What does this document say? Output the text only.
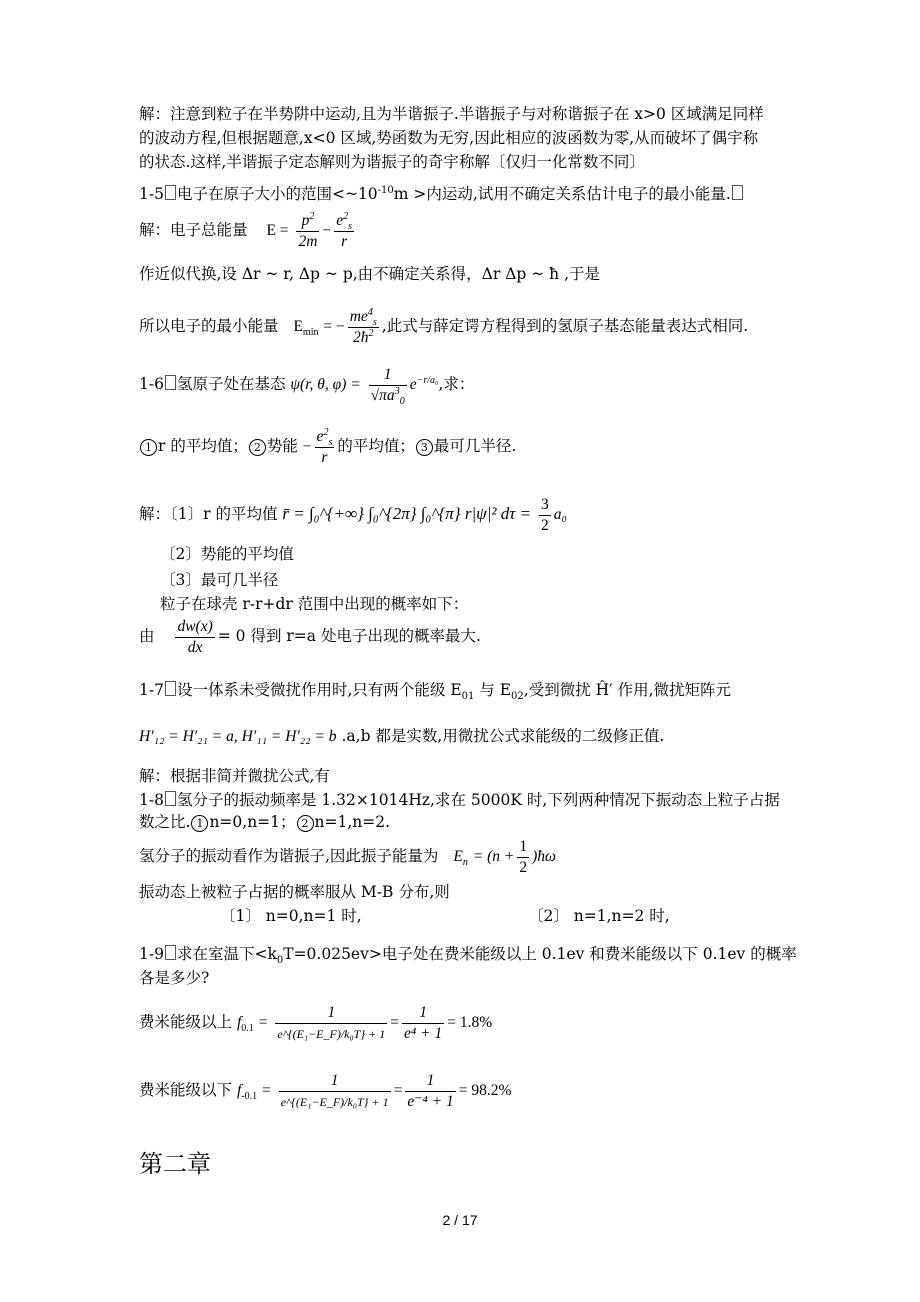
解：注意到粒子在半势阱中运动,且为半谐振子.半谐振子与对称谐振子在 x>0 区域满足同样
的波动方程,但根据题意,x<0 区域,势函数为无穷,因此相应的波函数为零,从而破坏了偶宇称
的状态.这样,半谐振子定态解则为谐振子的奇宇称解〔仅归一化常数不同〕
1-5 电子在原子大小的范围$<\sim 10^{-10}m$ >内运动,试用不确定关系估计电子的最小能量.
解：电子总能量 $E = \frac{p^2}{2m} - \frac{e^2_s}{r}$
作近似代换,设 Δr ~ r, Δp ~ p,由不确定关系得，Δr Δp ~ ħ ,于是
所以电子的最小能量 $E_{min}$ = − $\frac{me^4_s}{2ħ^2}$ ,此式与薛定谔方程得到的氢原子基态能量表达式相同.
1-6 氢原子处在基态 ψ(r, θ, $\varphi) = \frac{1}{√\pi a^3_0} e^{-r/a_0}$,求：
1 r 的平均值； 2 势能 − $\frac{e^2_s}{r}$ 的平均值； 3 最可几半径.
解：〔1〕r 的平均值 r̄ = ∫₀^{+∞} ∫₀^{2π} ∫₀^{π} r|ψ|² $d\tau = \frac{3}{2} a_0$
〔2〕势能的平均值
〔3〕最可几半径
粒子在球壳 r-r+dr 范围中出现的概率如下：
由 $\frac{dw(x)}{dx} = 0$ 得到 r=a 处电子出现的概率最大.
1-7 设一体系未受微扰作用时,只有两个能级 $E_{01}$ 与 $E_{02}$,受到微扰 Ĥ′ 作用,微扰矩阵元
H′₁₂ = H′₂₁ = a, H′₁₁ = H′₂₂ = b .a,b 都是实数,用微扰公式求能级的二级修正值.
解：根据非简并微扰公式,有
1-8 氢分子的振动频率是 1.32×1014Hz,求在 5000K 时,下列两种情况下振动态上粒子占据
数之比. 1 n=0,n=1； 2 n=1,n=2.
氢分子的振动看作为谐振子,因此振子能量为 $E_n = (n + \frac{1}{2}$ )ħω
振动态上被粒子占据的概率服从 M-B 分布,则
〔1〕 n=0,n=1 时,	〔2〕 n=1,n=2 时,
1-9 求在室温下$<k_0T=0.025ev>$电子处在费米能级以上 0.1ev 和费米能级以下 0.1ev 的概率
各是多少?
费米能级以上 $f_{0.1} = \frac{1}{\text{e\textasciicircum{}\{(E₁−E\_F)/k₀T\} + 1}} = \frac{1}{\text{e⁴ + 1}} = 1.8\%$
费米能级以下 $f_{-0.1} = \frac{1}{\text{e\textasciicircum{}\{(E₁−E\_F)/k₀T\} + 1}} = \frac{1}{\text{e⁻⁴ + 1}} = 98.2\%$
第二章
2 / 17
